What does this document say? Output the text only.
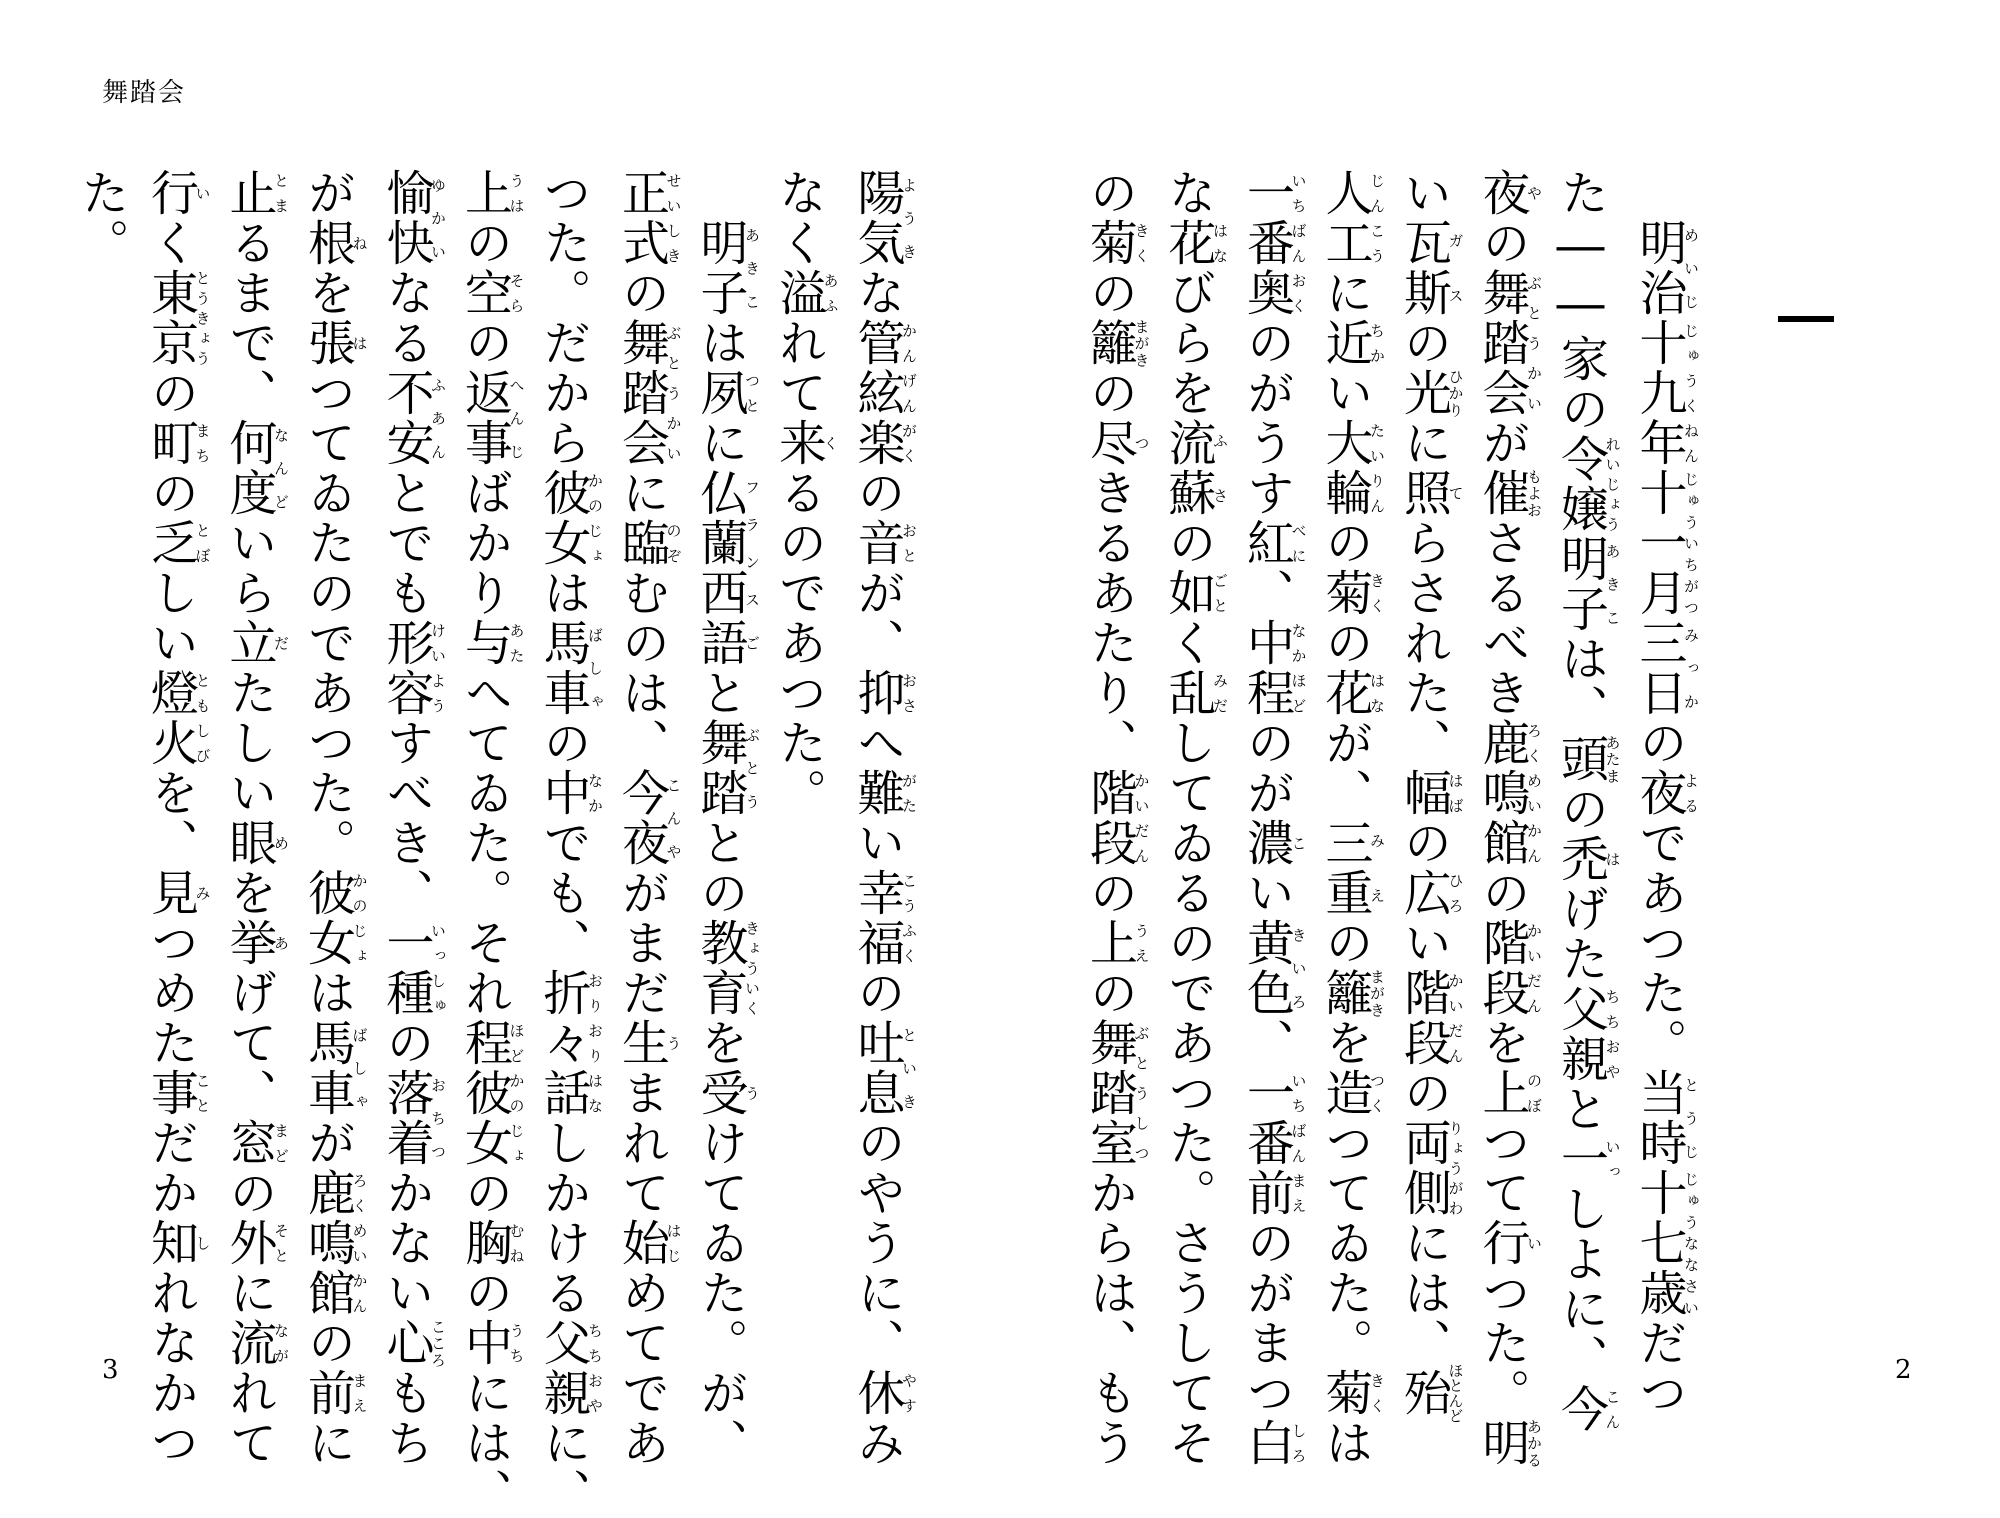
舞踏会
　明治めいじ十九年じゅうくねん十一月じゅういちがつ三日みっかの夜よるであつた。当時とうじ十七歳じゅうななさいだつ
た――家の令嬢れいじょう明子あきこは、頭あたまの禿はげた父親ちちおやと一いっしよに、今こん
夜やの舞踏会ぶとうかいが催もよおさるべき鹿鳴館ろくめいかんの階段かいだんを上のぼつて行いつた。明あかる
い瓦斯ガスの光ひかりに照てらされた、幅はばの広ひろい階段かいだんの両側りょうがわには、殆ほとんど
人工じんこうに近ちかい大輪たいりんの菊きくの花はなが、三重みえの籬まがきを造つくつてゐた。菊きくは
一番奥いちばんおくのがうす紅べに、中程なかほどのが濃こい黄色きいろ、一番前いちばんまえのがまつ白しろ
な花はなびらを流蘇ふさの如ごとく乱みだしてゐるのであつた。さうしてそ
の菊きくの籬まがきの尽つきるあたり、階段かいだんの上うえの舞踏室ぶとうしつからは、もう
陽気ようきな管絃楽かんげんがくの音おとが、抑おさへ難がたい幸福こうふくの吐息といきのやうに、休やすみ
なく溢あふれて来くるのであつた。
　明子あきこは夙つとに仏蘭西フランス語ごと舞踏ぶとうとの教育きょういくを受うけてゐた。が、
正式せいしきの舞踏会ぶとうかいに臨のぞむのは、今夜こんやがまだ生うまれて始はじめてであ
つた。だから彼女かのじょは馬車ばしゃの中なかでも、折々おりおり話はなしかける父親ちちおやに、
上うはの空そらの返事へんじばかり与あたへてゐた。それ程ほど彼女かのじょの胸むねの中うちには、
愉快ゆかいなる不安ふあんとでも形容けいようすべき、一種いっしゅの落着おちつかない心こころもち
が根ねを張はつてゐたのであつた。彼女かのじょは馬車ばしゃが鹿鳴館ろくめいかんの前まえに
止とまるまで、何度なんどいら立だたしい眼めを挙あげて、窓まどの外そとに流ながれて
行いく東京とうきょうの町まちの乏とぼしい燈火ともしびを、見みつめた事ことだか知しれなかつ
た。
3	2
